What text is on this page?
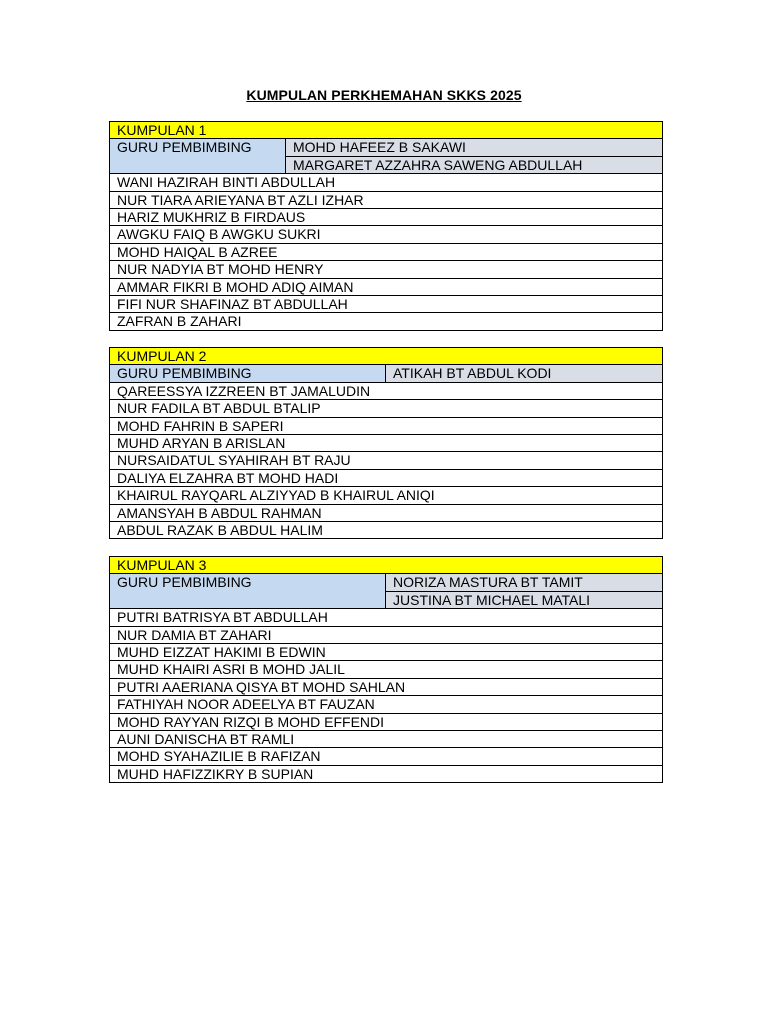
KUMPULAN PERKHEMAHAN SKKS 2025
KUMPULAN 1
GURU PEMBIMBING	MOHD HAFEEZ B SAKAWI
MARGARET AZZAHRA SAWENG ABDULLAH
WANI HAZIRAH BINTI ABDULLAH
NUR TIARA ARIEYANA BT AZLI IZHAR
HARIZ MUKHRIZ B FIRDAUS
AWGKU FAIQ B AWGKU SUKRI
MOHD HAIQAL B AZREE
NUR NADYIA BT MOHD HENRY
AMMAR FIKRI B MOHD ADIQ AIMAN
FIFI NUR SHAFINAZ BT ABDULLAH
ZAFRAN B ZAHARI
KUMPULAN 2
GURU PEMBIMBING	ATIKAH BT ABDUL KODI
QAREESSYA IZZREEN BT JAMALUDIN
NUR FADILA BT ABDUL BTALIP
MOHD FAHRIN B SAPERI
MUHD ARYAN B ARISLAN
NURSAIDATUL SYAHIRAH BT RAJU
DALIYA ELZAHRA BT MOHD HADI
KHAIRUL RAYQARL ALZIYYAD B KHAIRUL ANIQI
AMANSYAH B ABDUL RAHMAN
ABDUL RAZAK B ABDUL HALIM
KUMPULAN 3
GURU PEMBIMBING	NORIZA MASTURA BT TAMIT
JUSTINA BT MICHAEL MATALI
PUTRI BATRISYA BT ABDULLAH
NUR DAMIA BT ZAHARI
MUHD EIZZAT HAKIMI B EDWIN
MUHD KHAIRI ASRI B MOHD JALIL
PUTRI AAERIANA QISYA BT MOHD SAHLAN
FATHIYAH NOOR ADEELYA BT FAUZAN
MOHD RAYYAN RIZQI B MOHD EFFENDI
AUNI DANISCHA BT RAMLI
MOHD SYAHAZILIE B RAFIZAN
MUHD HAFIZZIKRY B SUPIAN
